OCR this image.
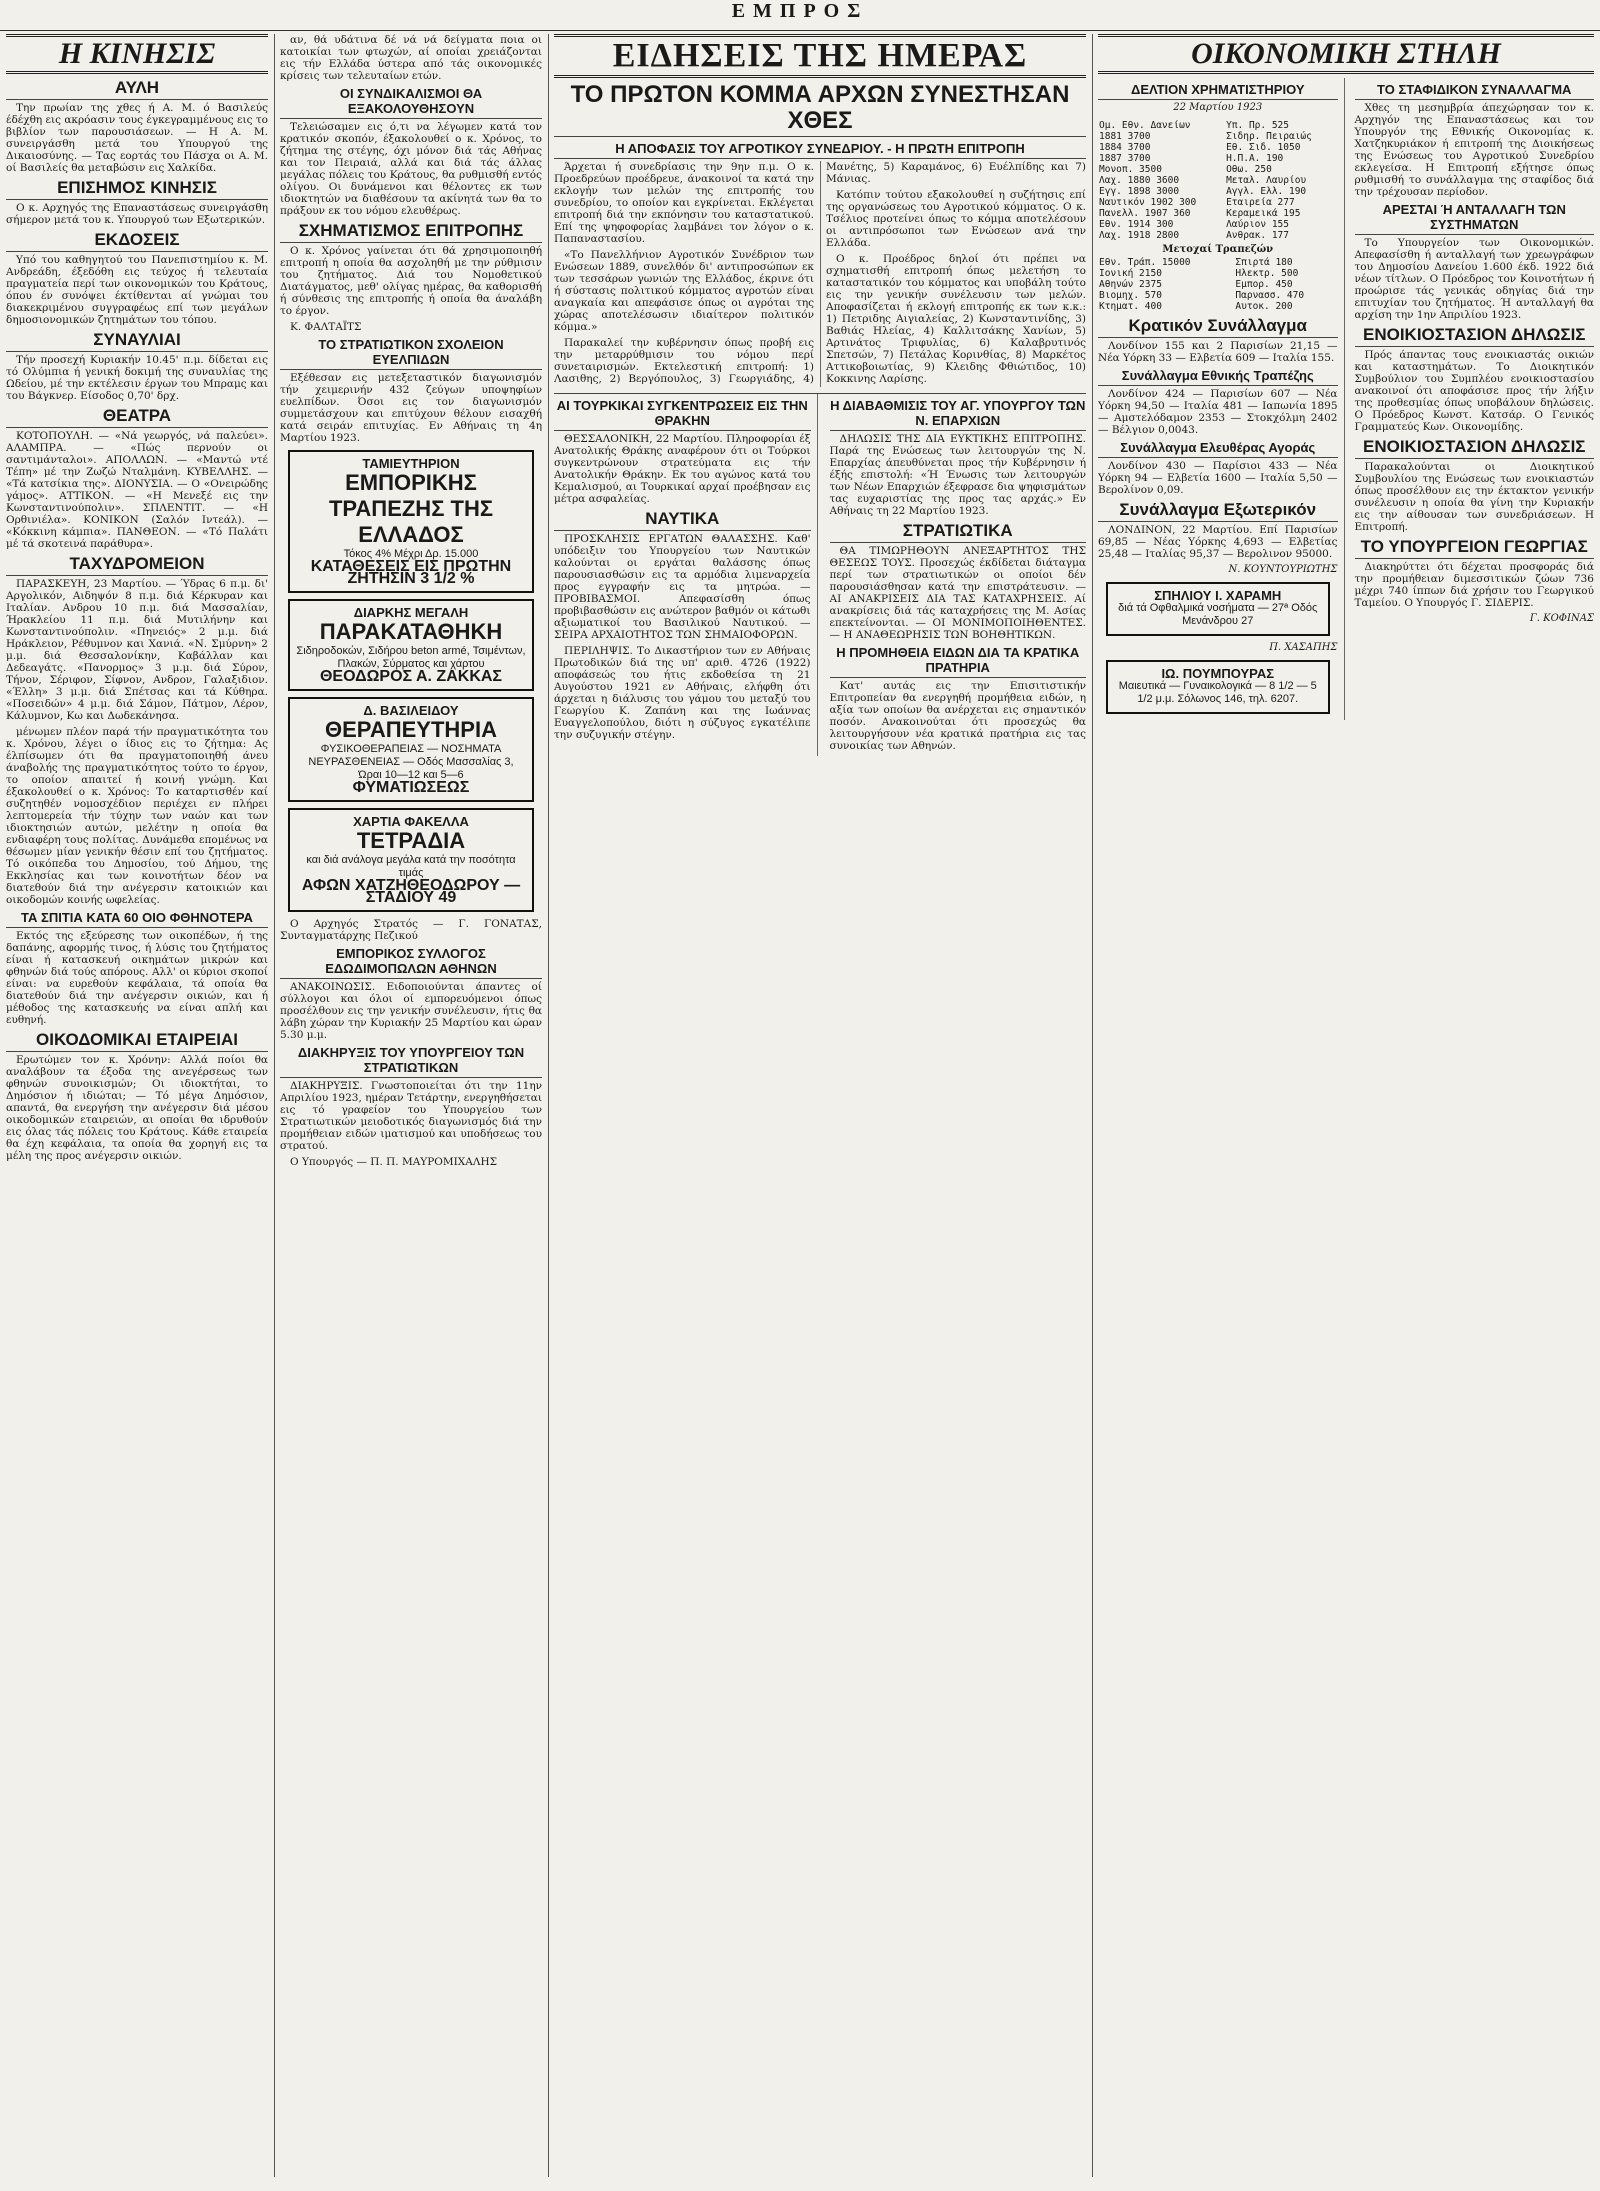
ΕΜΠΡΟΣ
Η ΚΙΝΗΣΙΣ
ΑΥΛΗ

Την πρωίαν της χθες ή Α. Μ. ό Βασιλεύς έδέχθη εις ακρόασιν τους έγκεγραμμένους εις το βιβλίον των παρουσιάσεων. — Η Α. Μ. συνειργάσθη μετά του Υπουργού της Δικαιοσύνης. — Τας εορτάς του Πάσχα οι Α. Μ. οί Βασιλείς θα μεταβώσιν εις Χαλκίδα.

ΕΠΙΣΗΜΟΣ ΚΙΝΗΣΙΣ

Ο κ. Αρχηγός της Επαναστάσεως συνειργάσθη σήμερον μετά του κ. Υπουργού των Εξωτερικών.

ΕΚΔΟΣΕΙΣ

Υπό του καθηγητού του Πανεπιστημίου κ. Μ. Ανδρεάδη, έξεδόθη εις τεύχος ή τελευταία πραγματεία περί των οικονομικών του Κράτους, όπου έν συνόψει έκτίθενται αί γνώμαι του διακεκριμένου συγγραφέως επί των μεγάλων δημοσιονομικών ζητημάτων του τόπου.

ΣΥΝΑΥΛΙΑΙ

Τήν προσεχή Κυριακήν 10.45' π.μ. δίδεται εις τό Ολύμπια ή γενική δοκιμή της συναυλίας της Ωδείου, μέ την εκτέλεσιν έργων του Μπραμς και του Βάγκνερ. Είσοδος 0,70' δρχ.

ΘΕΑΤΡΑ

ΚΟΤΟΠΟΥΛΗ. — «Νά γεωργός, νά παλεύει». ΑΛΑΜΠΡΑ. — «Πώς περνούν οι σαντιμάνταλοι». ΑΠΟΛΛΩΝ. — «Μαντώ ντέ Τέπη» μέ την Ζωζώ Νταλμάνη. ΚΥΒΕΛΛΗΣ. — «Τά κατσίκια της». ΔΙΟΝΥΣΙΑ. — Ο «Ονειρώδης γάμος». ΑΤΤΙΚΟΝ. — «Η Μενεξέ εις την Κωνσταντινούπολιν». ΣΠΛΕΝΤΙΤ. — «Η Ορθινιέλα». ΚΟΝΙΚΟΝ (Σαλόν Ιντεάλ). — «Κόκκινη κάμπια». ΠΑΝΘΕΟΝ. — «Τό Παλάτι μέ τά σκοτεινά παράθυρα».

ΤΑΧΥΔΡΟΜΕΙΟΝ

ΠΑΡΑΣΚΕΥΗ, 23 Μαρτίου. — Ύδρας 6 π.μ. δι' Αργολικόν, Αιδηψόν 8 π.μ. διά Κέρκυραν και Ιταλίαν. Ανδρου 10 π.μ. διά Μασσαλίαν, Ήρακλείου 11 π.μ. διά Μυτιλήνην και Κωνσταντινούπολιν. «Πηνειός» 2 μ.μ. διά Ηράκλειον, Ρέθυμνον και Χανιά. «Ν. Σμύρνη» 2 μ.μ. διά Θεσσαλονίκην, Καβάλλαν και Δεδεαγάτς. «Πανορμος» 3 μ.μ. διά Σύρον, Τήνον, Σέριφον, Σίφνον, Ανδρον, Γαλαξιδιον. «Έλλη» 3 μ.μ. διά Σπέτσας και τά Κύθηρα. «Ποσειδών» 4 μ.μ. διά Σάμον, Πάτμον, Λέρον, Κάλυμνον, Κω και Δωδεκάνησα.

μένωμεν πλέον παρά τήν πραγματικότητα του κ. Χρόνου, λέγει ο ίδιος εις το ζήτημα: Ας έλπίσωμεν ότι θα πραγματοποιηθή άνευ άναβολής της πραγματικότητος τούτο το έργον, το οποίον απαιτεί ή κοινή γνώμη. Και έξακολουθεί ο κ. Χρόνος: Το καταρτισθέν καί συζητηθέν νομοσχέδιον περιέχει εν πλήρει λεπτομερεία τήν τύχην των ναών και των ιδιοκτησιών αυτών, μελέτην η οποία θα ενδιαφέρη τους πολίτας. Δυνάμεθα επομένως να θέσωμεν μίαν γενικήν θέσιν επί του ζητήματος. Τό οικόπεδα του Δημοσίου, τού Δήμου, της Εκκλησίας και των κοινοτήτων δέον να διατεθούν διά την ανέγερσιν κατοικιών και οικοδομών κοινής ωφελείας.

ΤΑ ΣΠΙΤΙΑ ΚΑΤΑ 60 ΟΙΟ ΦΘΗΝΟΤΕΡΑ

Εκτός της εξεύρεσης των οικοπέδων, ή της δαπάνης, αφορμής τινος, ή λύσις του ζητήματος είναι ή κατασκευή οικημάτων μικρών και φθηνών διά τούς απόρους. Αλλ' οι κύριοι σκοποί είναι: να ευρεθούν κεφάλαια, τά οποία θα διατεθούν διά την ανέγερσιν οικιών, και ή μέθοδος της κατασκευής να είναι απλή και ευθηνή.

ΟΙΚΟΔΟΜΙΚΑΙ ΕΤΑΙΡΕΙΑΙ

Ερωτώμεν τον κ. Χρόνην: Αλλά ποίοι θα αναλάβουν τα έξοδα της ανεγέρσεως των φθηνών συνοικισμών; Οι ιδιοκτήται, το Δημόσιον ή ιδιώται; — Τό μέγα Δημόσιον, απαντά, θα ενεργήση την ανέγερσιν διά μέσου οικοδομικών εταιρειών, αι οποίαι θα ιδρυθούν εις όλας τάς πόλεις του Κράτους. Κάθε εταιρεία θα έχη κεφάλαια, τα οποία θα χορηγή εις τα μέλη της προς ανέγερσιν οικιών.

αν, θά υδάτινα δέ νά νά δείγματα ποια οι κατοικίαι των φτωχών, αί οποίαι χρειάζονται εις τήν Ελλάδα ύστερα από τάς οικονομικές κρίσεις των τελευταίων ετών.

ΟΙ ΣΥΝΔΙΚΑΛΙΣΜΟΙ ΘΑ ΕΞΑΚΟΛΟΥΘΗΣΟΥΝ

Τελειώσαμεν εις ό,τι να λέγωμεν κατά τον κρατικόν σκοπόν, έξακολουθεί ο κ. Χρόνος, το ζήτημα της στέγης, όχι μόνον διά τάς Αθήνας και τον Πειραιά, αλλά και διά τάς άλλας μεγάλας πόλεις του Κράτους, θα ρυθμισθή εντός ολίγου. Οι δυνάμενοι και θέλοντες εκ των ιδιοκτητών να διαθέσουν τα ακίνητά των θα το πράξουν εκ του νόμου ελευθέρως.

ΣΧΗΜΑΤΙΣΜΟΣ ΕΠΙΤΡΟΠΗΣ

Ο κ. Χρόνος γαίνεται ότι θά χρησιμοποιηθή επιτροπή η οποία θα ασχοληθή με την ρύθμισιν του ζητήματος. Διά του Νομοθετικού Διατάγματος, μεθ' ολίγας ημέρας, θα καθορισθή ή σύνθεσις της επιτροπής ή οποία θα άναλάβη το έργον.

Κ. ΦΑΛΤΑΪΤΣ

ΤΟ ΣΤΡΑΤΙΩΤΙΚΟΝ ΣΧΟΛΕΙΟΝ ΕΥΕΛΠΙΔΩΝ

Εξέθεσαν εις μετεξεταστικόν διαγωνισμόν τήν χειμερινήν 432 ζεύγων υποψηφίων ευελπίδων. Όσοι εις τον διαγωνισμόν συμμετάσχουν και επιτύχουν θέλουν εισαχθή κατά σειράν επιτυχίας. Εν Αθήναις τη 4η Μαρτίου 1923.

ΤΑΜΙΕΥΤΗΡΙΟΝ
ΕΜΠΟΡΙΚΗΣ ΤΡΑΠΕΖΗΣ ΤΗΣ ΕΛΛΑΔΟΣ
Τόκος 4% Μέχρι Δρ. 15.000
ΚΑΤΑΘΕΣΕΙΣ ΕΙΣ ΠΡΩΤΗΝ ΖΗΤΗΣΙΝ 3 1/2 %
ΔΙΑΡΚΗΣ ΜΕΓΑΛΗ
ΠΑΡΑΚΑΤΑΘΗΚΗ
Σιδηροδοκών, Σιδήρου beton armé, Τσιμέντων, Πλακών, Σύρματος και χάρτου
ΘΕΟΔΩΡΟΣ Α. ΖΑΚΚΑΣ
Δ. ΒΑΣΙΛΕΙΔΟΥ
ΘΕΡΑΠΕΥΤΗΡΙΑ
ΦΥΣΙΚΟΘΕΡΑΠΕΙΑΣ — ΝΟΣΗΜΑΤΑ ΝΕΥΡΑΣΘΕΝΕΙΑΣ — Οδός Μασσαλίας 3, Ώραι 10—12 και 5—6
ΦΥΜΑΤΙΩΣΕΩΣ
ΧΑΡΤΙΑ ΦΑΚΕΛΛΑ
ΤΕΤΡΑΔΙΑ
και διά ανάλογα μεγάλα κατά την ποσότητα τιμάς
ΑΦΩΝ ΧΑΤΖΗΘΕΟΔΩΡΟΥ — ΣΤΑΔΙΟΥ 49

Ο Αρχηγός Στρατός — Γ. ΓΟΝΑΤΑΣ, Συνταγματάρχης Πεζικού

ΕΜΠΟΡΙΚΟΣ ΣΥΛΛΟΓΟΣ ΕΔΩΔΙΜΟΠΩΛΩΝ ΑΘΗΝΩΝ

ΑΝΑΚΟΙΝΩΣΙΣ. Ειδοποιούνται άπαντες οί σύλλογοι και όλοι οί εμπορευόμενοι όπως προσέλθουν εις την γενικήν συνέλευσιν, ήτις θα λάβη χώραν την Κυριακήν 25 Μαρτίου και ώραν 5.30 μ.μ.

ΔΙΑΚΗΡΥΞΙΣ ΤΟΥ ΥΠΟΥΡΓΕΙΟΥ ΤΩΝ ΣΤΡΑΤΙΩΤΙΚΩΝ

ΔΙΑΚΗΡΥΞΙΣ. Γνωστοποιείται ότι την 11ην Απριλίου 1923, ημέραν Τετάρτην, ενεργηθήσεται εις τό γραφείον του Υπουργείου των Στρατιωτικών μειοδοτικός διαγωνισμός διά την προμήθειαν ειδών ιματισμού και υποδήσεως του στρατού.

Ο Υπουργός — Π. Π. ΜΑΥΡΟΜΙΧΑΛΗΣ

ΕΙΔΗΣΕΙΣ ΤΗΣ ΗΜΕΡΑΣ
ΤΟ ΠΡΩΤΟΝ ΚΟΜΜΑ ΑΡΧΩΝ ΣΥΝΕΣΤΗΣΑΝ ΧΘΕΣ
Η ΑΠΟΦΑΣΙΣ ΤΟΥ ΑΓΡΟΤΙΚΟΥ ΣΥΝΕΔΡΙΟΥ. - Η ΠΡΩΤΗ ΕΠΙΤΡΟΠΗ

Άρχεται ή συνεδρίασις την 9ην π.μ. Ο κ. Προεδρεύων προέδρευε, άνακοινοί τα κατά την εκλογήν των μελών της επιτροπής του συνεδρίου, το οποίον και εγκρίνεται. Εκλέγεται επιτροπή διά την εκπόνησιν του καταστατικού. Επί της ψηφοφορίας λαμβάνει τον λόγον ο κ. Παπαναστασίου.

«Το Πανελλήνιον Αγροτικόν Συνέδριον των Ενώσεων 1889, συνελθόν δι' αντιπροσώπων εκ των τεσσάρων γωνιών της Ελλάδος, έκρινε ότι ή σύστασις πολιτικού κόμματος αγροτών είναι αναγκαία και απεφάσισε όπως οι αγρόται της χώρας αποτελέσωσιν ιδιαίτερον πολιτικόν κόμμα.»

Παρακαλεί την κυβέρνησιν όπως προβή εις την μεταρρύθμισιν του νόμου περί συνεταιρισμών. Εκτελεστική επιτροπή: 1) Λασιθης, 2) Βεργόπουλος, 3) Γεωργιάδης, 4) Μανέτης, 5) Καραμάνος, 6) Ευέλπίδης και 7) Μάνιας.

Κατόπιν τούτου εξακολουθεί η συζήτησις επί της οργανώσεως του Αγροτικού κόμματος. Ο κ. Τσέλιος προτείνει όπως το κόμμα αποτελέσουν οι αντιπρόσωποι των Ενώσεων ανά την Ελλάδα.

Ο κ. Προέδρος δηλοί ότι πρέπει να σχηματισθή επιτροπή όπως μελετήση το καταστατικόν του κόμματος και υποβάλη τούτο εις την γενικήν συνέλευσιν των μελών. Αποφασίζεται ή εκλογή επιτροπής εκ των κ.κ.: 1) Πετριδης Αιγιαλείας, 2) Κωνσταντινίδης, 3) Βαθιάς Ηλείας, 4) Καλλιτσάκης Χανίων, 5) Αρτινάτος Τριφυλίας, 6) Καλαβρυτινός Σπετσών, 7) Πετάλας Κορινθίας, 8) Μαρκέτος Αττικοβοιωτίας, 9) Κλειδης Φθιώτιδος, 10) Κοκκινης Λαρίσης.

ΑΙ ΤΟΥΡΚΙΚΑΙ ΣΥΓΚΕΝΤΡΩΣΕΙΣ ΕΙΣ ΤΗΝ ΘΡΑΚΗΝ

ΘΕΣΣΑΛΟΝΙΚΗ, 22 Μαρτίου. Πληροφορίαι έξ Ανατολικής Θράκης αναφέρουν ότι οι Τούρκοι συγκεντρώνουν στρατεύματα εις τήν Ανατολικήν Θράκην. Εκ του αγώνος κατά του Κεμαλισμού, αι Τουρκικαί αρχαί προέβησαν εις μέτρα ασφαλείας.

ΝΑΥΤΙΚΑ

ΠΡΟΣΚΛΗΣΙΣ ΕΡΓΑΤΩΝ ΘΑΛΑΣΣΗΣ. Καθ' υπόδειξιν του Υπουργείου των Ναυτικών καλούνται οι εργάται θαλάσσης όπως παρουσιασθώσιν εις τα αρμόδια λιμεναρχεία προς εγγραφήν εις τα μητρώα. — ΠΡΟΒΙΒΑΣΜΟΙ. Απεφασίσθη όπως προβιβασθώσιν εις ανώτερον βαθμόν οι κάτωθι αξιωματικοί του Βασιλικού Ναυτικού. — ΣΕΙΡΑ ΑΡΧΑΙΟΤΗΤΟΣ ΤΩΝ ΣΗΜΑΙΟΦΟΡΩΝ.

ΠΕΡΙΛΗΨΙΣ. Το Δικαστήριον των εν Αθήναις Πρωτοδικών διά της υπ' αριθ. 4726 (1922) αποφάσεώς του ήτις εκδοθείσα τη 21 Αυγούστου 1921 εν Αθήναις, ελήφθη ότι άρχεται η διάλυσις του γάμου του μεταξύ του Γεωργίου Κ. Ζαπάνη και της Ιωάννας Ευαγγελοπούλου, διότι η σύζυγος εγκατέλιπε την συζυγικήν στέγην.

Η ΔΙΑΒΑΘΜΙΣΙΣ ΤΟΥ ΑΓ. ΥΠΟΥΡΓΟΥ ΤΩΝ Ν. ΕΠΑΡΧΙΩΝ

ΔΗΛΩΣΙΣ ΤΗΣ ΔΙΑ ΕΥΚΤΙΚΗΣ ΕΠΙΤΡΟΠΗΣ. Παρά της Ενώσεως των λειτουργών της Ν. Επαρχίας άπευθύνεται προς τήν Κυβέρνησιν ή έξής επιστολή: «Ή Ένωσις των λειτουργών των Νέων Επαρχιών έξεφρασε δια ψηφισμάτων τας ευχαριστίας της προς τας αρχάς.» Εν Αθήναις τη 22 Μαρτίου 1923.

ΣΤΡΑΤΙΩΤΙΚΑ

ΘΑ ΤΙΜΩΡΗΘΟΥΝ ΑΝΕΞΑΡΤΗΤΟΣ ΤΗΣ ΘΕΣΕΩΣ ΤΟΥΣ. Προσεχώς έκδίδεται διάταγμα περί των στρατιωτικών οι οποίοι δέν παρουσιάσθησαν κατά την επιστράτευσιν. — ΑΙ ΑΝΑΚΡΙΣΕΙΣ ΔΙΑ ΤΑΣ ΚΑΤΑΧΡΗΣΕΙΣ. Αί ανακρίσεις διά τάς καταχρήσεις της Μ. Ασίας επεκτείνονται. — ΟΙ ΜΟΝΙΜΟΠΟΙΗΘΕΝΤΕΣ. — Η ΑΝΑΘΕΩΡΗΣΙΣ ΤΩΝ ΒΟΗΘΗΤΙΚΩΝ.

Η ΠΡΟΜΗΘΕΙΑ ΕΙΔΩΝ ΔΙΑ ΤΑ ΚΡΑΤΙΚΑ ΠΡΑΤΗΡΙΑ

Κατ' αυτάς εις την Επισιτιστικήν Επιτροπείαν θα ενεργηθή προμήθεια ειδών, η αξία των οποίων θα ανέρχεται εις σημαντικόν ποσόν. Ανακοινούται ότι προσεχώς θα λειτουργήσουν νέα κρατικά πρατήρια εις τας συνοικίας των Αθηνών.

ΟΙΚΟΝΟΜΙΚΗ ΣΤΗΛΗ
ΔΕΛΤΙΟΝ ΧΡΗΜΑΤΙΣΤΗΡΙΟΥ
22 Μαρτίου 1923
Ομ. Εθν. Δανείων	Υπ. Πρ. 525
1881 3700	Σιδηρ. Πειραιώς
1884 3700	Εθ. Σιδ. 1050
1887 3700	Η.Π.Α. 190
Μονοπ. 3500	Οθω. 250
Λαχ. 1880 3600	Μεταλ. Λαυρίου
Εγγ. 1898 3000	Αγγλ. Ελλ. 190
Ναυτικόν 1902 300	Εταιρεία 277
Πανελλ. 1907 360	Κεραμεικά 195
Εθν. 1914 300	Λαύριον 155
Λαχ. 1918 2800	Ανθρακ. 177
Μετοχαί Τραπεζών
Εθν. Τράπ. 15000	Σπιρτά 180
Ιονική 2150	Ηλεκτρ. 500
Αθηνών 2375	Εμπορ. 450
Βιομηχ. 570	Παρνασσ. 470
Κτηματ. 400	Αυτοκ. 200
Κρατικόν Συνάλλαγμα

Λονδίνον 155 και 2 Παρισίων 21,15 — Νέα Υόρκη 33 — Ελβετία 609 — Ιταλία 155.

Συνάλλαγμα Εθνικής Τραπέζης

Λονδίνον 424 — Παρισίων 607 — Νέα Υόρκη 94,50 — Ιταλία 481 — Ιαπωνία 1895 — Αμστελόδαμον 2353 — Στοκχόλμη 2402 — Βέλγιον 0,0043.

Συνάλλαγμα Ελευθέρας Αγοράς

Λονδίνον 430 — Παρίσιοι 433 — Νέα Υόρκη 94 — Ελβετία 1600 — Ιταλία 5,50 — Βερολίνον 0,09.

Συνάλλαγμα Εξωτερικόν

ΛΟΝΔΙΝΟΝ, 22 Μαρτίου. Επί Παρισίων 69,85 — Νέας Υόρκης 4,693 — Ελβετίας 25,48 — Ιταλίας 95,37 — Βερολινον 95000.

Ν. ΚΟΥΝΤΟΥΡΙΩΤΗΣ
ΣΠΗΛΙΟΥ Ι. ΧΑΡΑΜΗ
διά τά Οφθαλμικά νοσήματα — 27ª Οδός Μενάνδρου 27
Π. ΧΑΣΑΠΗΣ
ΙΩ. ΠΟΥΜΠΟΥΡΑΣ
Μαιευτικά — Γυναικολογικά — 8 1/2 — 5 1/2 μ.μ. Σόλωνος 146, τηλ. 6207.
ΤΟ ΣΤΑΦΙΔΙΚΟΝ ΣΥΝΑΛΛΑΓΜΑ

Χθες τη μεσημβρία άπεχώρησαν τον κ. Αρχηγόν της Επαναστάσεως και τον Υπουργόν της Εθνικής Οικονομίας κ. Χατζηκυριάκον ή επιτροπή της Διοικήσεως της Ενώσεως του Αγροτικού Συνεδρίου εκλεγείσα. Η Επιτροπή εξήτησε όπως ρυθμισθή το συνάλλαγμα της σταφίδος διά την τρέχουσαν περίοδον.

ΑΡΕΣΤΑΙ Ή ΑΝΤΑΛΛΑΓΗ ΤΩΝ ΣΥΣΤΗΜΑΤΩΝ

Το Υπουργείον των Οικονομικών. Απεφασίσθη ή ανταλλαγή των χρεωγράφων του Δημοσίου Δανείου 1.600 έκδ. 1922 διά νέων τίτλων. Ο Πρόεδρος τον Κοινοτήτων ή προώρισε τάς γενικάς οδηγίας διά την επιτυχίαν του ζητήματος. Ή ανταλλαγή θα αρχίση την 1ην Απριλίου 1923.

ΕΝΟΙΚΙΟΣΤΑΣΙΟΝ ΔΗΛΩΣΙΣ

Πρός άπαντας τους ενοικιαστάς οικιών και καταστημάτων. Το Διοικητικόν Συμβούλιον του Συμπλέου ενοικιοστασίου ανακοινοί ότι αποφάσισε προς τήν λήξιν της προθεσμίας όπως υποβάλουν δηλώσεις. Ο Πρόεδρος Κωνστ. Κατσάρ. Ο Γενικός Γραμματεύς Κων. Οικονομίδης.

ΕΝΟΙΚΙΟΣΤΑΣΙΟΝ ΔΗΛΩΣΙΣ

Παρακαλούνται οι Διοικητικού Συμβουλίου της Ενώσεως των ενοικιαστών όπως προσέλθουν εις την έκτακτον γενικήν συνέλευσιν η οποία θα γίνη την Κυριακήν εις την αίθουσαν των συνεδριάσεων. Η Επιτροπή.

ΤΟ ΥΠΟΥΡΓΕΙΟΝ ΓΕΩΡΓΙΑΣ

Διακηρύττει ότι δέχεται προσφοράς διά την προμήθειαν διμεσσιτικών ζώων 736 μέχρι 740 ίππων διά χρήσιν του Γεωργικού Ταμείου. Ο Υπουργός Γ. ΣΙΔΕΡΙΣ.

Γ. ΚΟΦΙΝΑΣ
